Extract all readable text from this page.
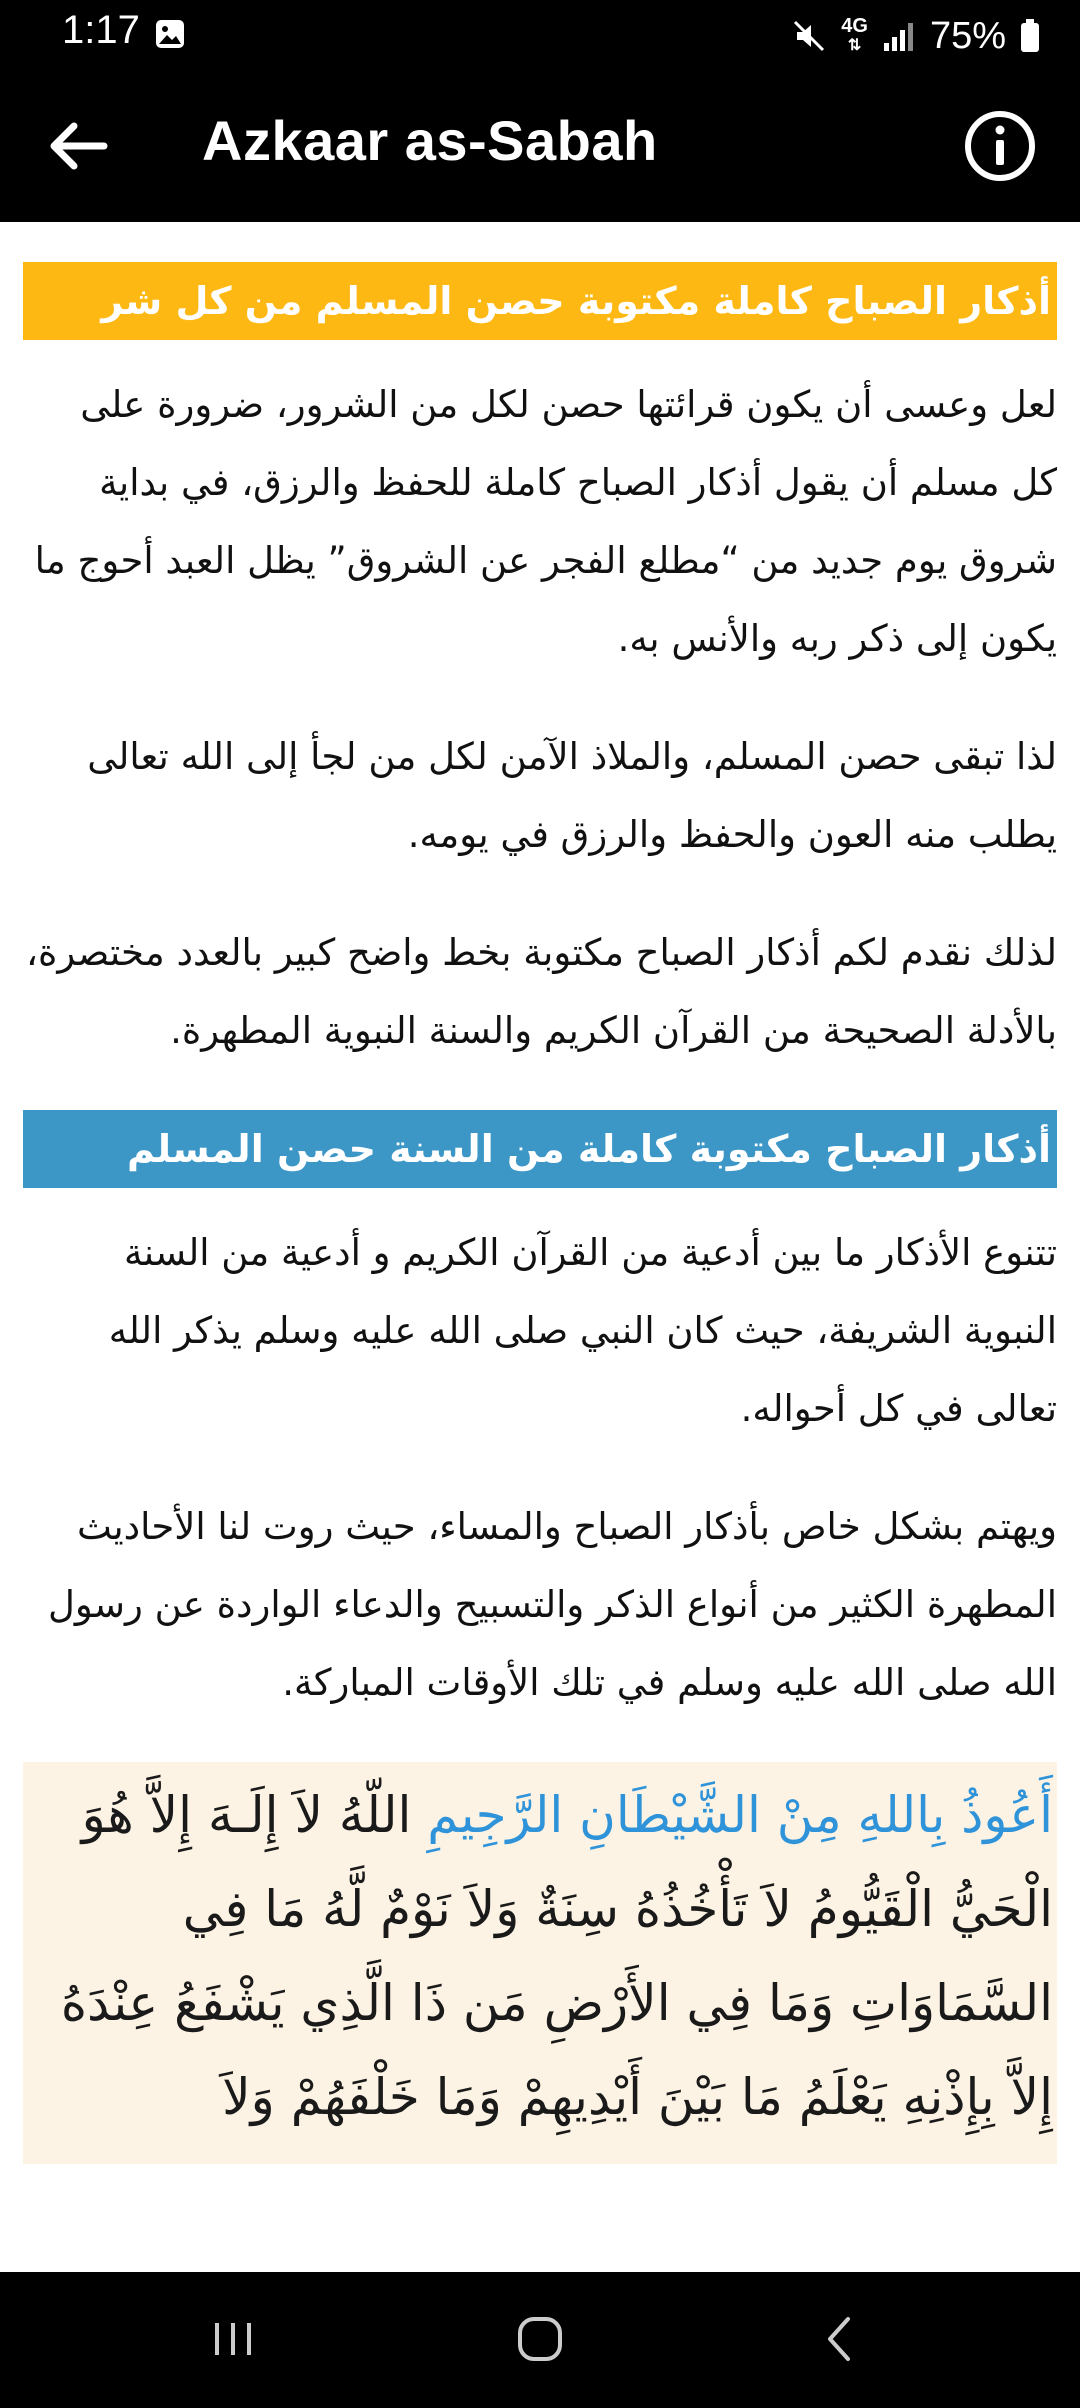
1:17	4G
⇅ 75%
Azkaar as-Sabah
أذكار الصباح كاملة مكتوبة حصن المسلم من كل شر

لعل وعسى أن يكون قرائتها حصن لكل من الشرور، ضرورة على كل مسلم أن يقول أذكار الصباح كاملة للحفظ والرزق، في بداية شروق يوم جديد من “مطلع الفجر عن الشروق” يظل العبد أحوج ما يكون إلى ذكر ربه والأنس به.

لذا تبقى حصن المسلم، والملاذ الآمن لكل من لجأ إلى الله تعالى يطلب منه العون والحفظ والرزق في يومه.

لذلك نقدم لكم أذكار الصباح مكتوبة بخط واضح كبير بالعدد مختصرة، بالأدلة الصحيحة من القرآن الكريم والسنة النبوية المطهرة.

أذكار الصباح مكتوبة كاملة من السنة حصن المسلم

تتنوع الأذكار ما بين أدعية من القرآن الكريم و أدعية من السنة النبوية الشريفة، حيث كان النبي صلى الله عليه وسلم يذكر الله تعالى في كل أحواله.

ويهتم بشكل خاص بأذكار الصباح والمساء، حيث روت لنا الأحاديث المطهرة الكثير من أنواع الذكر والتسبيح والدعاء الواردة عن رسول الله صلى الله عليه وسلم في تلك الأوقات المباركة.

أَعُوذُ بِاللهِ مِنْ الشَّيْطَانِ الرَّجِيمِ اللّهُ لاَ إِلَـهَ إِلاَّ هُوَ الْحَيُّ الْقَيُّومُ لاَ تَأْخُذُهُ سِنَةٌ وَلاَ نَوْمٌ لَّهُ مَا فِي السَّمَاوَاتِ وَمَا فِي الأَرْضِ مَن ذَا الَّذِي يَشْفَعُ عِنْدَهُ إِلاَّ بِإِذْنِهِ يَعْلَمُ مَا بَيْنَ أَيْدِيهِمْ وَمَا خَلْفَهُمْ وَلاَ
